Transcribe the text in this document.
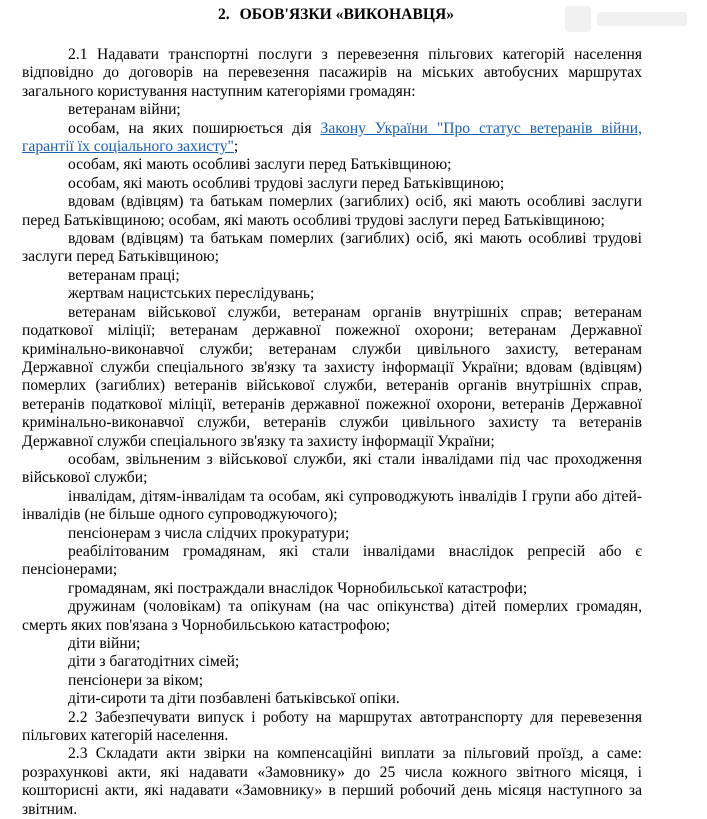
2. ОБОВ'ЯЗКИ «ВИКОНАВЦЯ»

2.1 Надавати транспортні послуги з перевезення пільгових категорій населення відповідно до договорів на перевезення пасажирів на міських автобусних маршрутах загального користування наступним категоріями громадян:

ветеранам війни;

особам, на яких поширюється дія Закону України "Про статус ветеранів війни, гарантії їх соціального захисту";

особам, які мають особливі заслуги перед Батьківщиною;

особам, які мають особливі трудові заслуги перед Батьківщиною;

вдовам (вдівцям) та батькам померлих (загиблих) осіб, які мають особливі заслуги перед Батьківщиною; особам, які мають особливі трудові заслуги перед Батьківщиною;

вдовам (вдівцям) та батькам померлих (загиблих) осіб, які мають особливі трудові заслуги перед Батьківщиною;

ветеранам праці;

жертвам нацистських переслідувань;

ветеранам військової служби, ветеранам органів внутрішніх справ; ветеранам податкової міліції; ветеранам державної пожежної охорони; ветеранам Державної кримінально-виконавчої служби; ветеранам служби цивільного захисту, ветеранам Державної служби спеціального зв'язку та захисту інформації України; вдовам (вдівцям) померлих (загиблих) ветеранів військової служби, ветеранів органів внутрішніх справ, ветеранів податкової міліції, ветеранів державної пожежної охорони, ветеранів Державної кримінально-виконавчої служби, ветеранів служби цивільного захисту та ветеранів Державної служби спеціального зв'язку та захисту інформації України;

особам, звільненим з військової служби, які стали інвалідами під час проходження військової служби;

інвалідам, дітям-інвалідам та особам, які супроводжують інвалідів І групи або дітей-інвалідів (не більше одного супроводжуючого);

пенсіонерам з числа слідчих прокуратури;

реабілітованим громадянам, які стали інвалідами внаслідок репресій або є пенсіонерами;

громадянам, які постраждали внаслідок Чорнобильської катастрофи;

дружинам (чоловікам) та опікунам (на час опікунства) дітей померлих громадян, смерть яких пов'язана з Чорнобильською катастрофою;

діти війни;

діти з багатодітних сімей;

пенсіонери за віком;

діти-сироти та діти позбавлені батьківської опіки.

2.2 Забезпечувати випуск і роботу на маршрутах автотранспорту для перевезення пільгових категорій населення.

2.3 Складати акти звірки на компенсаційні виплати за пільговий проїзд, а саме: розрахункові акти, які надавати «Замовнику» до 25 числа кожного звітного місяця, і кошторисні акти, які надавати «Замовнику» в перший робочий день місяця наступного за звітним.
